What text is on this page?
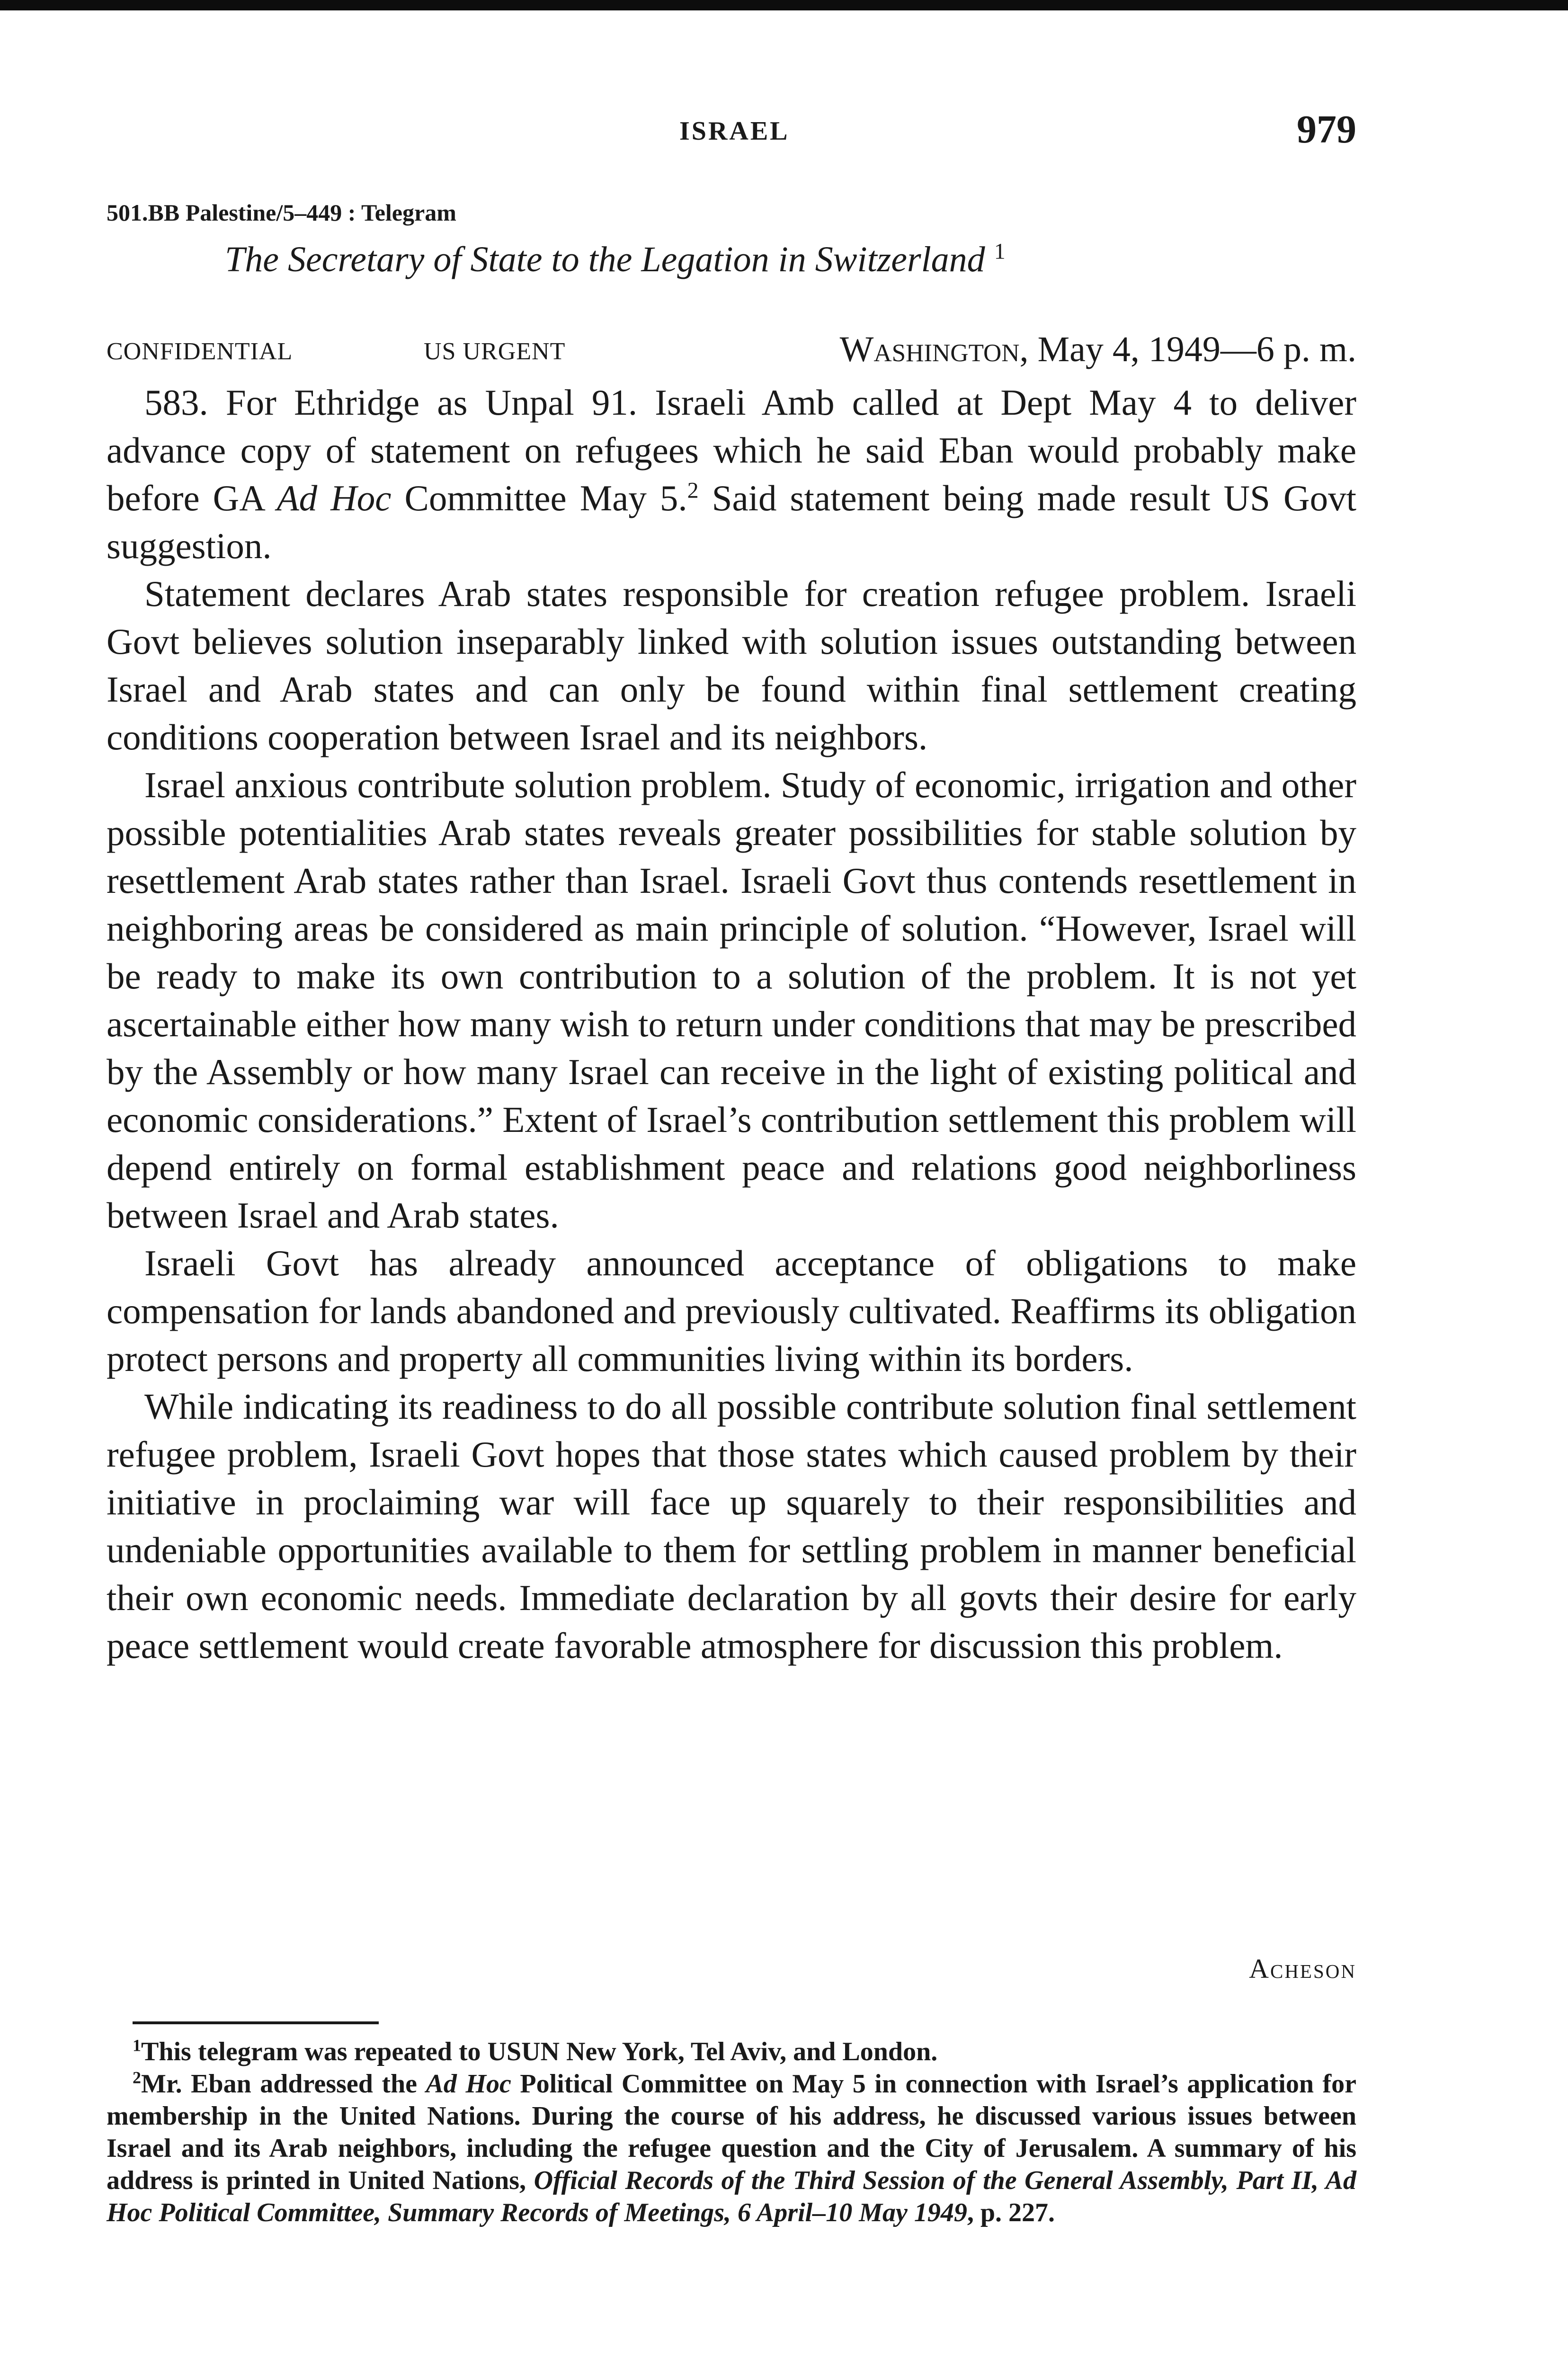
ISRAEL	979
501.BB Palestine/5–449 : Telegram
The Secretary of State to the Legation in Switzerland $^1$
CONFIDENTIAL	US URGENT	Washington, May 4, 1949—6 p. m.

583. For Ethridge as Unpal 91. Israeli Amb called at Dept May 4 to deliver advance copy of statement on refugees which he said Eban would probably make before GA Ad Hoc Committee May 5.$^2$ Said statement being made result US Govt suggestion.

Statement declares Arab states responsible for creation refugee problem. Israeli Govt believes solution inseparably linked with solution issues outstanding between Israel and Arab states and can only be found within final settlement creating conditions cooperation between Israel and its neighbors.

Israel anxious contribute solution problem. Study of economic, irrigation and other possible potentialities Arab states reveals greater possibilities for stable solution by resettlement Arab states rather than Israel. Israeli Govt thus contends resettlement in neighboring areas be considered as main principle of solution. “However, Israel will be ready to make its own contribution to a solution of the problem. It is not yet ascertainable either how many wish to return under conditions that may be prescribed by the Assembly or how many Israel can receive in the light of existing political and economic considerations.” Extent of Israel’s contribution settlement this problem will depend entirely on formal establishment peace and relations good neighborliness between Israel and Arab states.

Israeli Govt has already announced acceptance of obligations to make compensation for lands abandoned and previously cultivated. Reaffirms its obligation protect persons and property all communities living within its borders.

While indicating its readiness to do all possible contribute solution final settlement refugee problem, Israeli Govt hopes that those states which caused problem by their initiative in proclaiming war will face up squarely to their responsibilities and undeniable opportunities available to them for settling problem in manner beneficial their own economic needs. Immediate declaration by all govts their desire for early peace settlement would create favorable atmosphere for discussion this problem.

Acheson

$^1$This telegram was repeated to USUN New York, Tel Aviv, and London.

$^2$Mr. Eban addressed the Ad Hoc Political Committee on May 5 in connection with Israel’s application for membership in the United Nations. During the course of his address, he discussed various issues between Israel and its Arab neighbors, including the refugee question and the City of Jerusalem. A summary of his address is printed in United Nations, Official Records of the Third Session of the General Assembly, Part II, Ad Hoc Political Committee, Summary Records of Meetings, 6 April–10 May 1949, p. 227.
